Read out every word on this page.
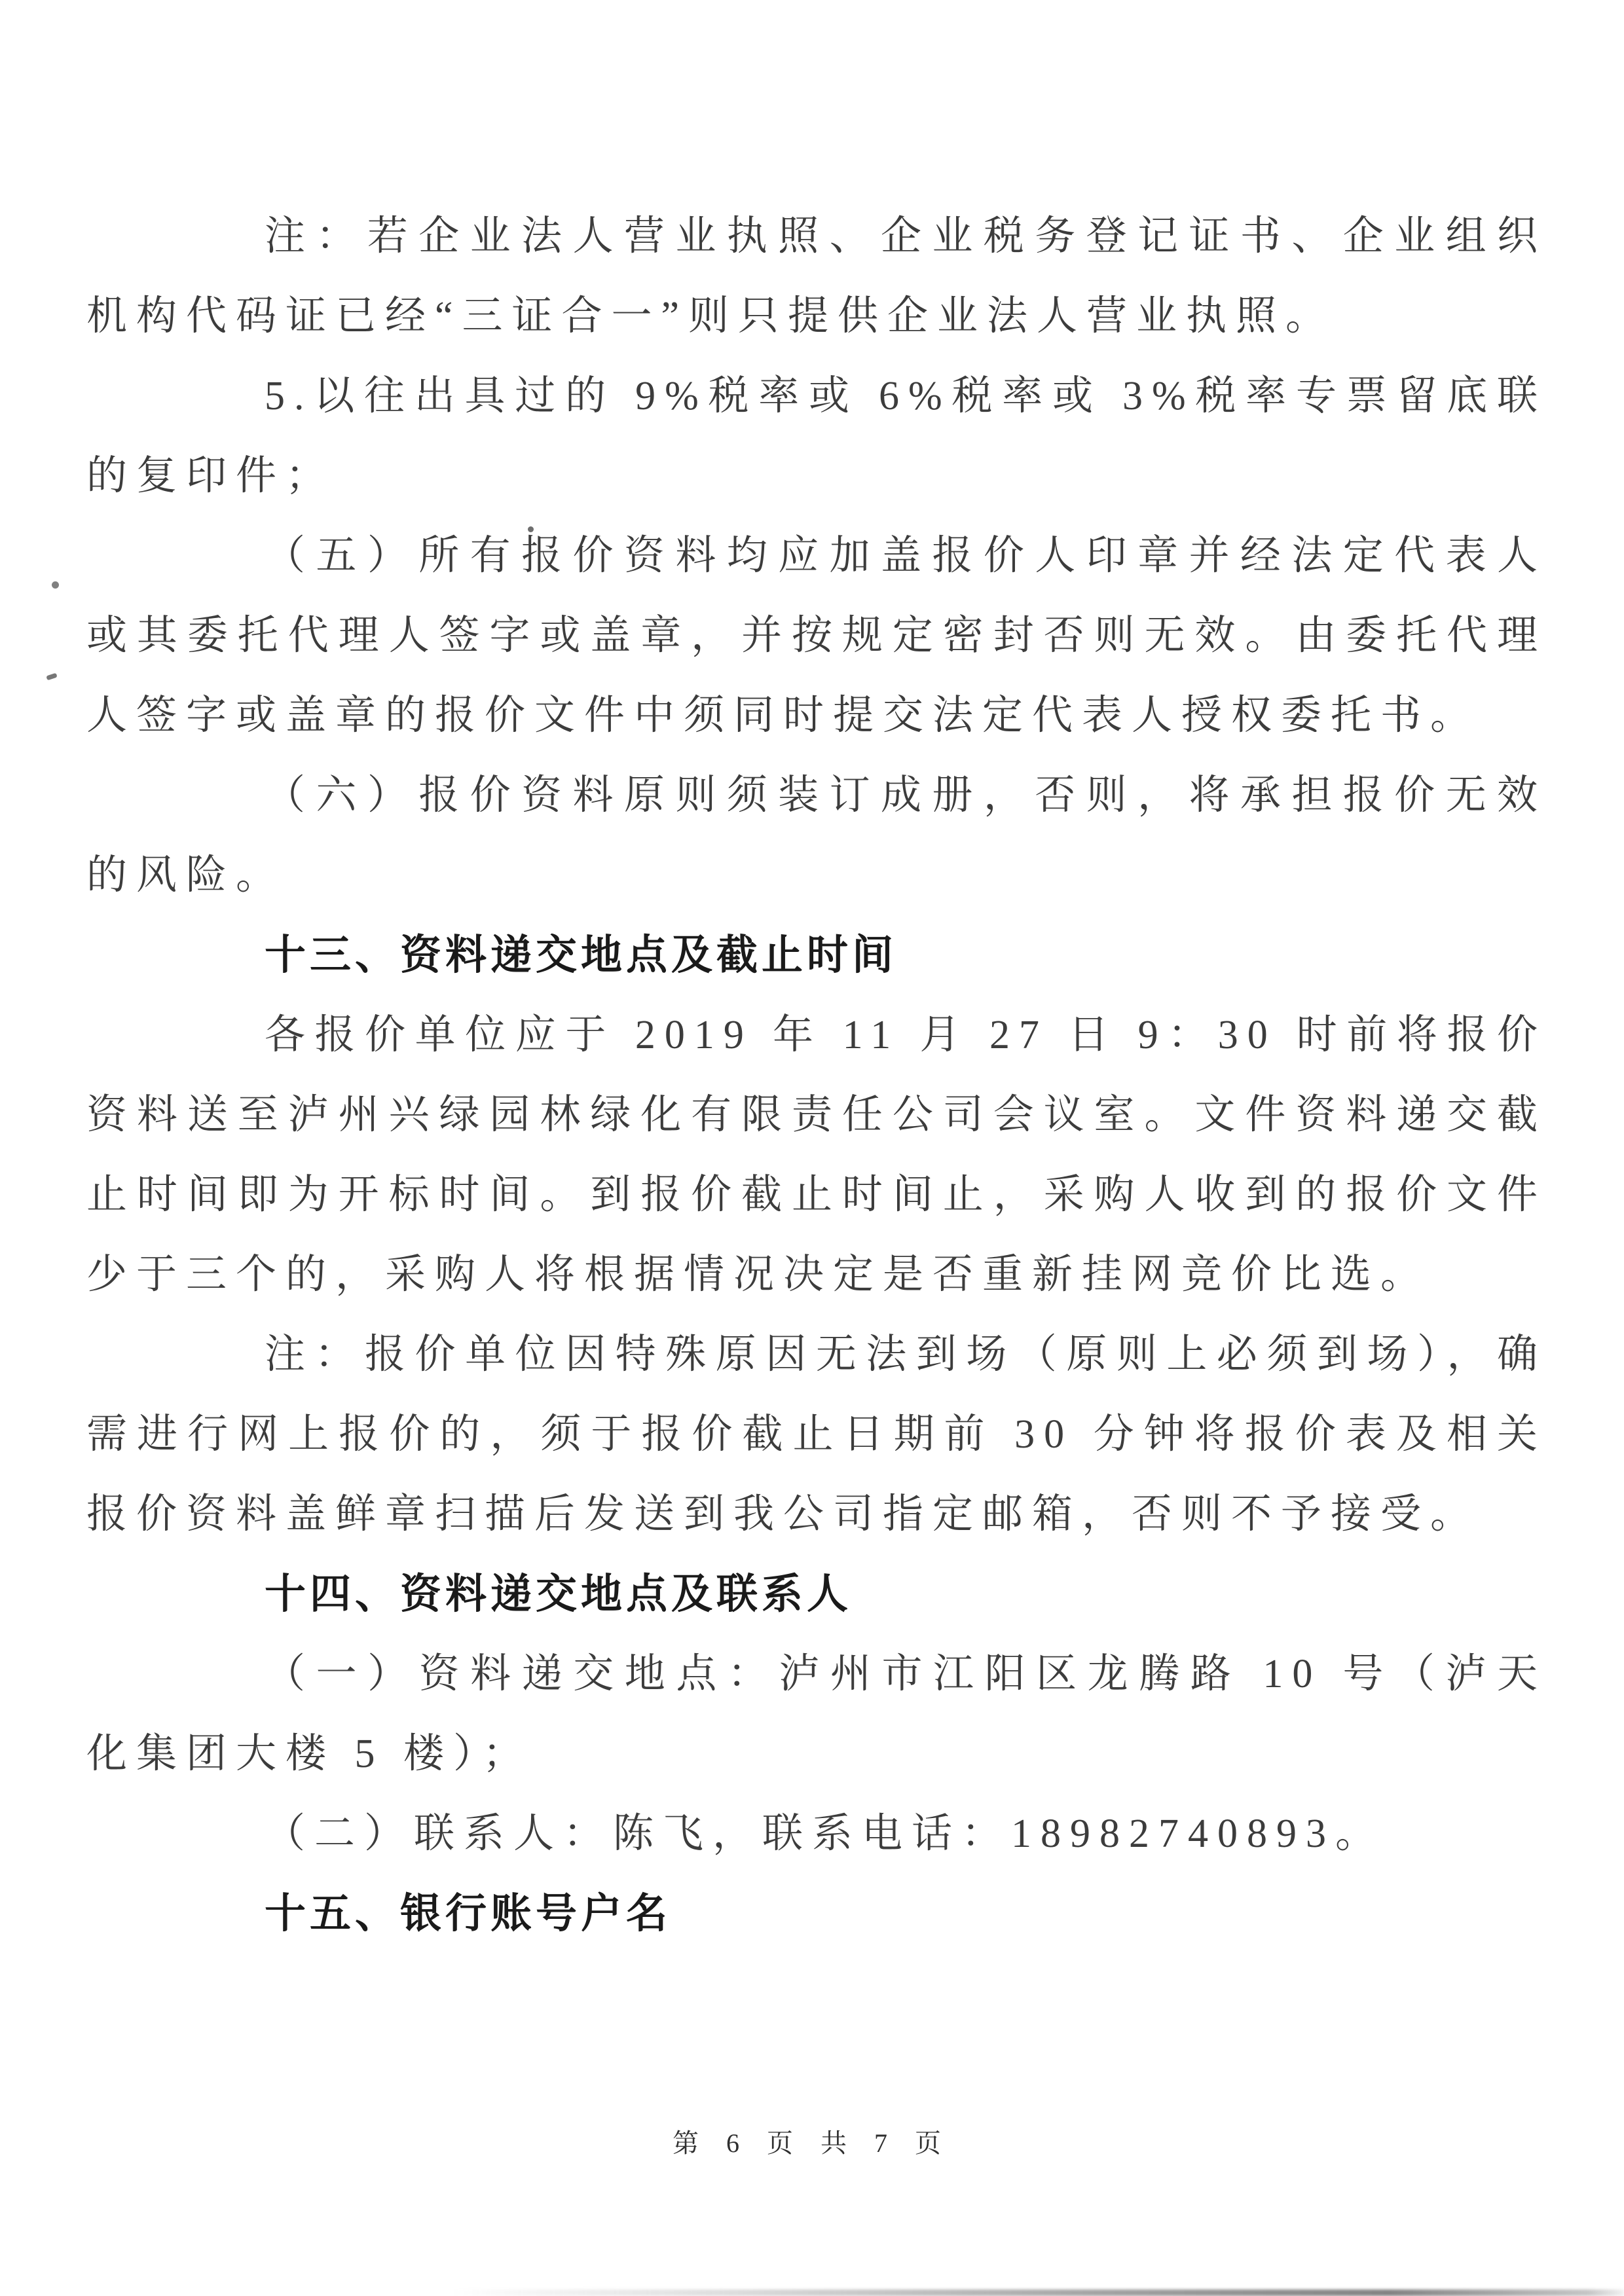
注：若企业法人营业执照、企业税务登记证书、企业组织机构代码证已经“三证合一”则只提供企业法人营业执照。

5.以往出具过的 9%税率或 6%税率或 3%税率专票留底联的复印件；

（五）所有报价资料均应加盖报价人印章并经法定代表人或其委托代理人签字或盖章，并按规定密封否则无效。由委托代理人签字或盖章的报价文件中须同时提交法定代表人授权委托书。

（六）报价资料原则须装订成册，否则，将承担报价无效的风险。

十三、资料递交地点及截止时间

各报价单位应于 2019 年 11 月 27 日 9：30 时前将报价资料送至泸州兴绿园林绿化有限责任公司会议室。文件资料递交截止时间即为开标时间。到报价截止时间止，采购人收到的报价文件少于三个的，采购人将根据情况决定是否重新挂网竞价比选。

注：报价单位因特殊原因无法到场（原则上必须到场），确需进行网上报价的，须于报价截止日期前 30 分钟将报价表及相关报价资料盖鲜章扫描后发送到我公司指定邮箱，否则不予接受。

十四、资料递交地点及联系人

（一）资料递交地点：泸州市江阳区龙腾路 10 号（泸天化集团大楼 5 楼）；

（二）联系人：陈飞，联系电话：18982740893。

十五、银行账号户名
第 6 页 共 7 页
